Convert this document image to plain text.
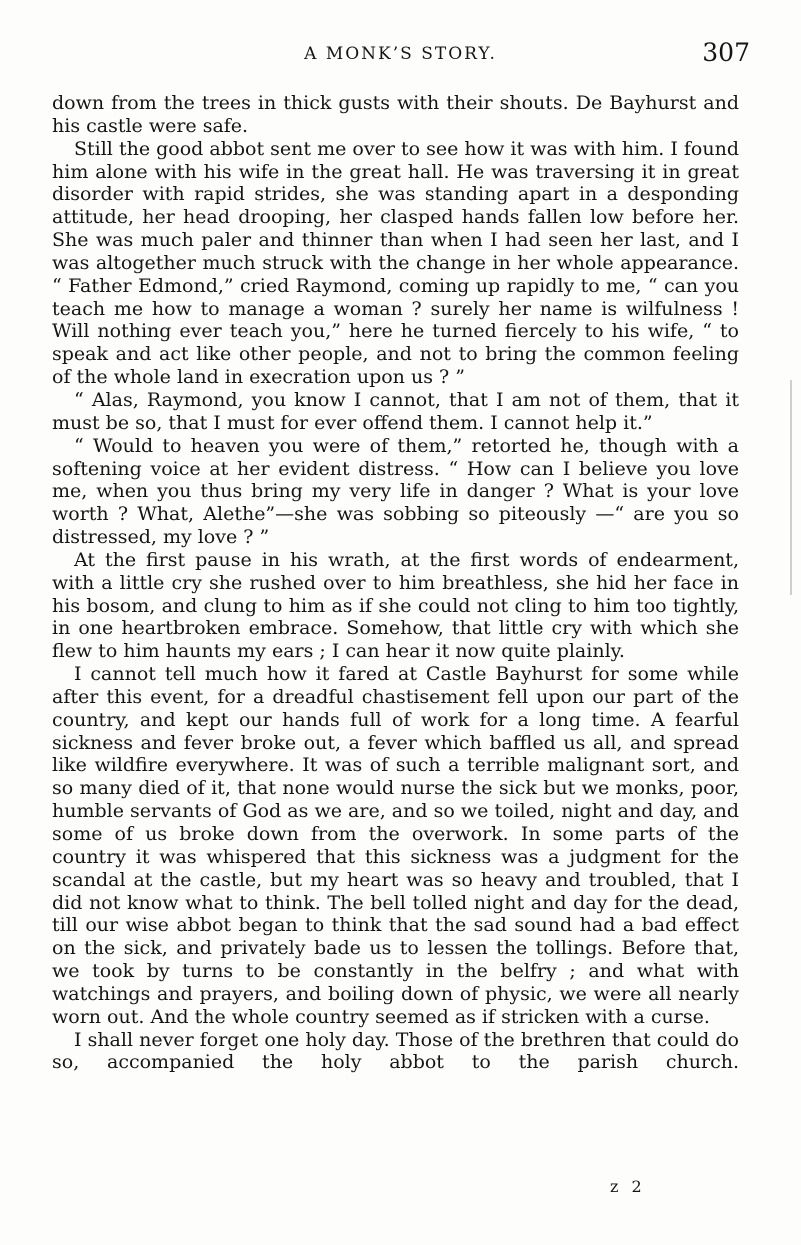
A MONK’S STORY.	307

down from the trees in thick gusts with their shouts. De Bayhurst and his castle were safe.

Still the good abbot sent me over to see how it was with him. I found him alone with his wife in the great hall. He was traversing it in great disorder with rapid strides, she was standing apart in a desponding attitude, her head drooping, her clasped hands fallen low before her. She was much paler and thinner than when I had seen her last, and I was altogether much struck with the change in her whole appearance. “ Father Edmond,” cried Raymond, coming up rapidly to me, “ can you teach me how to manage a woman ? surely her name is wilfulness ! Will nothing ever teach you,” here he turned fiercely to his wife, “ to speak and act like other people, and not to bring the common feeling of the whole land in execration upon us ? ”

“ Alas, Raymond, you know I cannot, that I am not of them, that it must be so, that I must for ever offend them. I cannot help it.”

“ Would to heaven you were of them,” retorted he, though with a softening voice at her evident distress. “ How can I believe you love me, when you thus bring my very life in danger ? What is your love worth ? What, Alethe”—she was sobbing so piteously —“ are you so distressed, my love ? ”

At the first pause in his wrath, at the first words of endearment, with a little cry she rushed over to him breathless, she hid her face in his bosom, and clung to him as if she could not cling to him too tightly, in one heartbroken embrace. Somehow, that little cry with which she flew to him haunts my ears ; I can hear it now quite plainly.

I cannot tell much how it fared at Castle Bayhurst for some while after this event, for a dreadful chastisement fell upon our part of the country, and kept our hands full of work for a long time. A fearful sickness and fever broke out, a fever which baffled us all, and spread like wildfire everywhere. It was of such a terrible malignant sort, and so many died of it, that none would nurse the sick but we monks, poor, humble servants of God as we are, and so we toiled, night and day, and some of us broke down from the overwork. In some parts of the country it was whispered that this sickness was a judgment for the scandal at the castle, but my heart was so heavy and troubled, that I did not know what to think. The bell tolled night and day for the dead, till our wise abbot began to think that the sad sound had a bad effect on the sick, and privately bade us to lessen the tollings. Before that, we took by turns to be constantly in the belfry ; and what with watchings and prayers, and boiling down of physic, we were all nearly worn out. And the whole country seemed as if stricken with a curse.

I shall never forget one holy day. Those of the brethren that could do so, accompanied the holy abbot to the parish church.

z 2
